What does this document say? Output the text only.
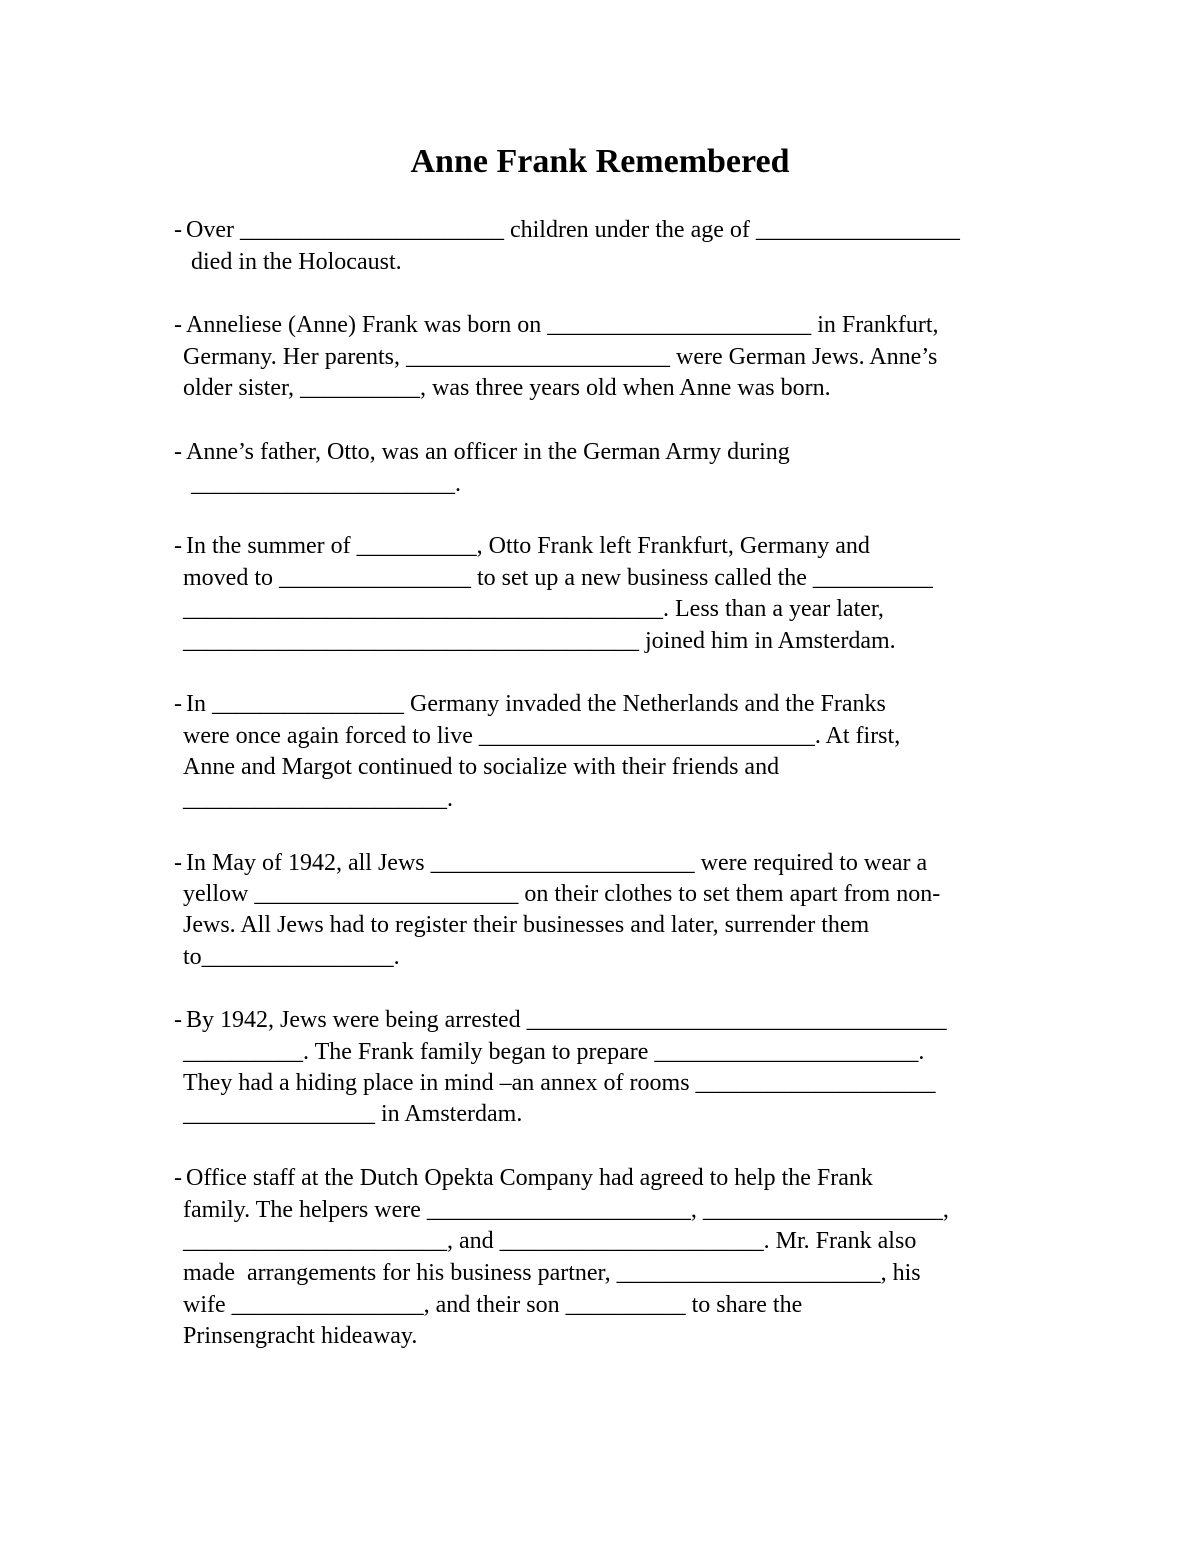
Anne Frank Remembered
- Over ______________________ children under the age of _________________
died in the Holocaust.
- Anneliese (Anne) Frank was born on ______________________ in Frankfurt,
Germany. Her parents, ______________________ were German Jews. Anne’s
older sister, __________, was three years old when Anne was born.
- Anne’s father, Otto, was an officer in the German Army during
______________________.
- In the summer of __________, Otto Frank left Frankfurt, Germany and
moved to ________________ to set up a new business called the __________
________________________________________. Less than a year later,
______________________________________ joined him in Amsterdam.
- In ________________ Germany invaded the Netherlands and the Franks
were once again forced to live ____________________________. At first,
Anne and Margot continued to socialize with their friends and
______________________.
- In May of 1942, all Jews ______________________ were required to wear a
yellow ______________________ on their clothes to set them apart from non-
Jews. All Jews had to register their businesses and later, surrender them
to________________.
- By 1942, Jews were being arrested ___________________________________
__________. The Frank family began to prepare ______________________.
They had a hiding place in mind –an annex of rooms ____________________
________________ in Amsterdam.
- Office staff at the Dutch Opekta Company had agreed to help the Frank
family. The helpers were ______________________, ____________________,
______________________, and ______________________. Mr. Frank also
made  arrangements for his business partner, ______________________, his
wife ________________, and their son __________ to share the
Prinsengracht hideaway.
